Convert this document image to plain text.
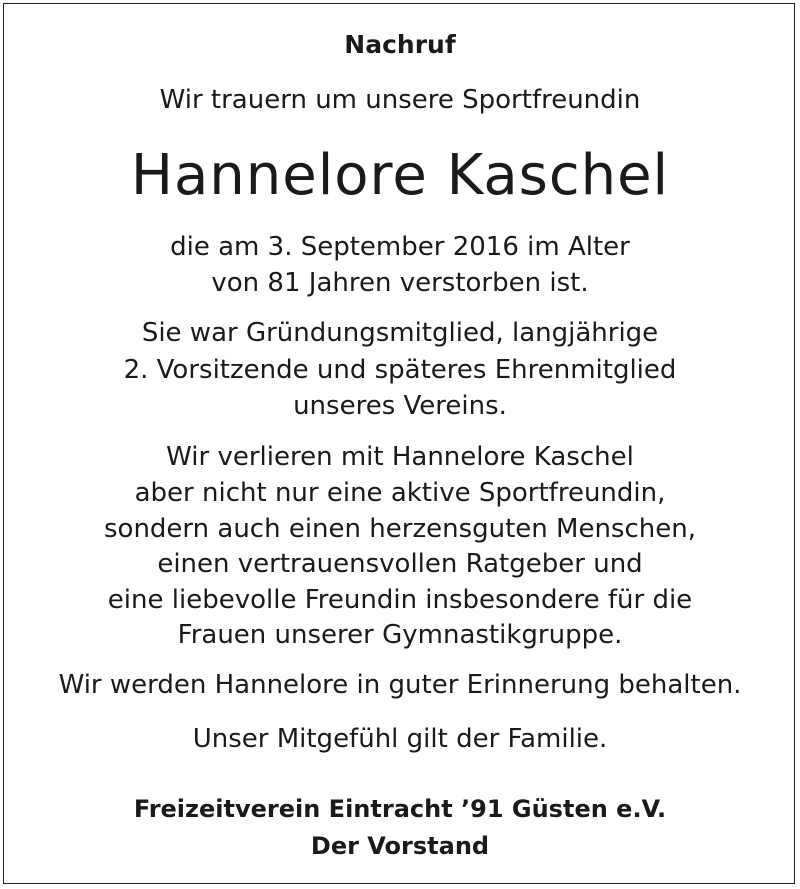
Nachruf
Wir trauern um unsere Sportfreundin
Hannelore Kaschel
die am 3. September 2016 im Alter
von 81 Jahren verstorben ist.
Sie war Gründungsmitglied, langjährige
2. Vorsitzende und späteres Ehrenmitglied
unseres Vereins.
Wir verlieren mit Hannelore Kaschel
aber nicht nur eine aktive Sportfreundin,
sondern auch einen herzensguten Menschen,
einen vertrauensvollen Ratgeber und
eine liebevolle Freundin insbesondere für die
Frauen unserer Gymnastikgruppe.
Wir werden Hannelore in guter Erinnerung behalten.
Unser Mitgefühl gilt der Familie.
Freizeitverein Eintracht ’91 Güsten e.V.
Der Vorstand
